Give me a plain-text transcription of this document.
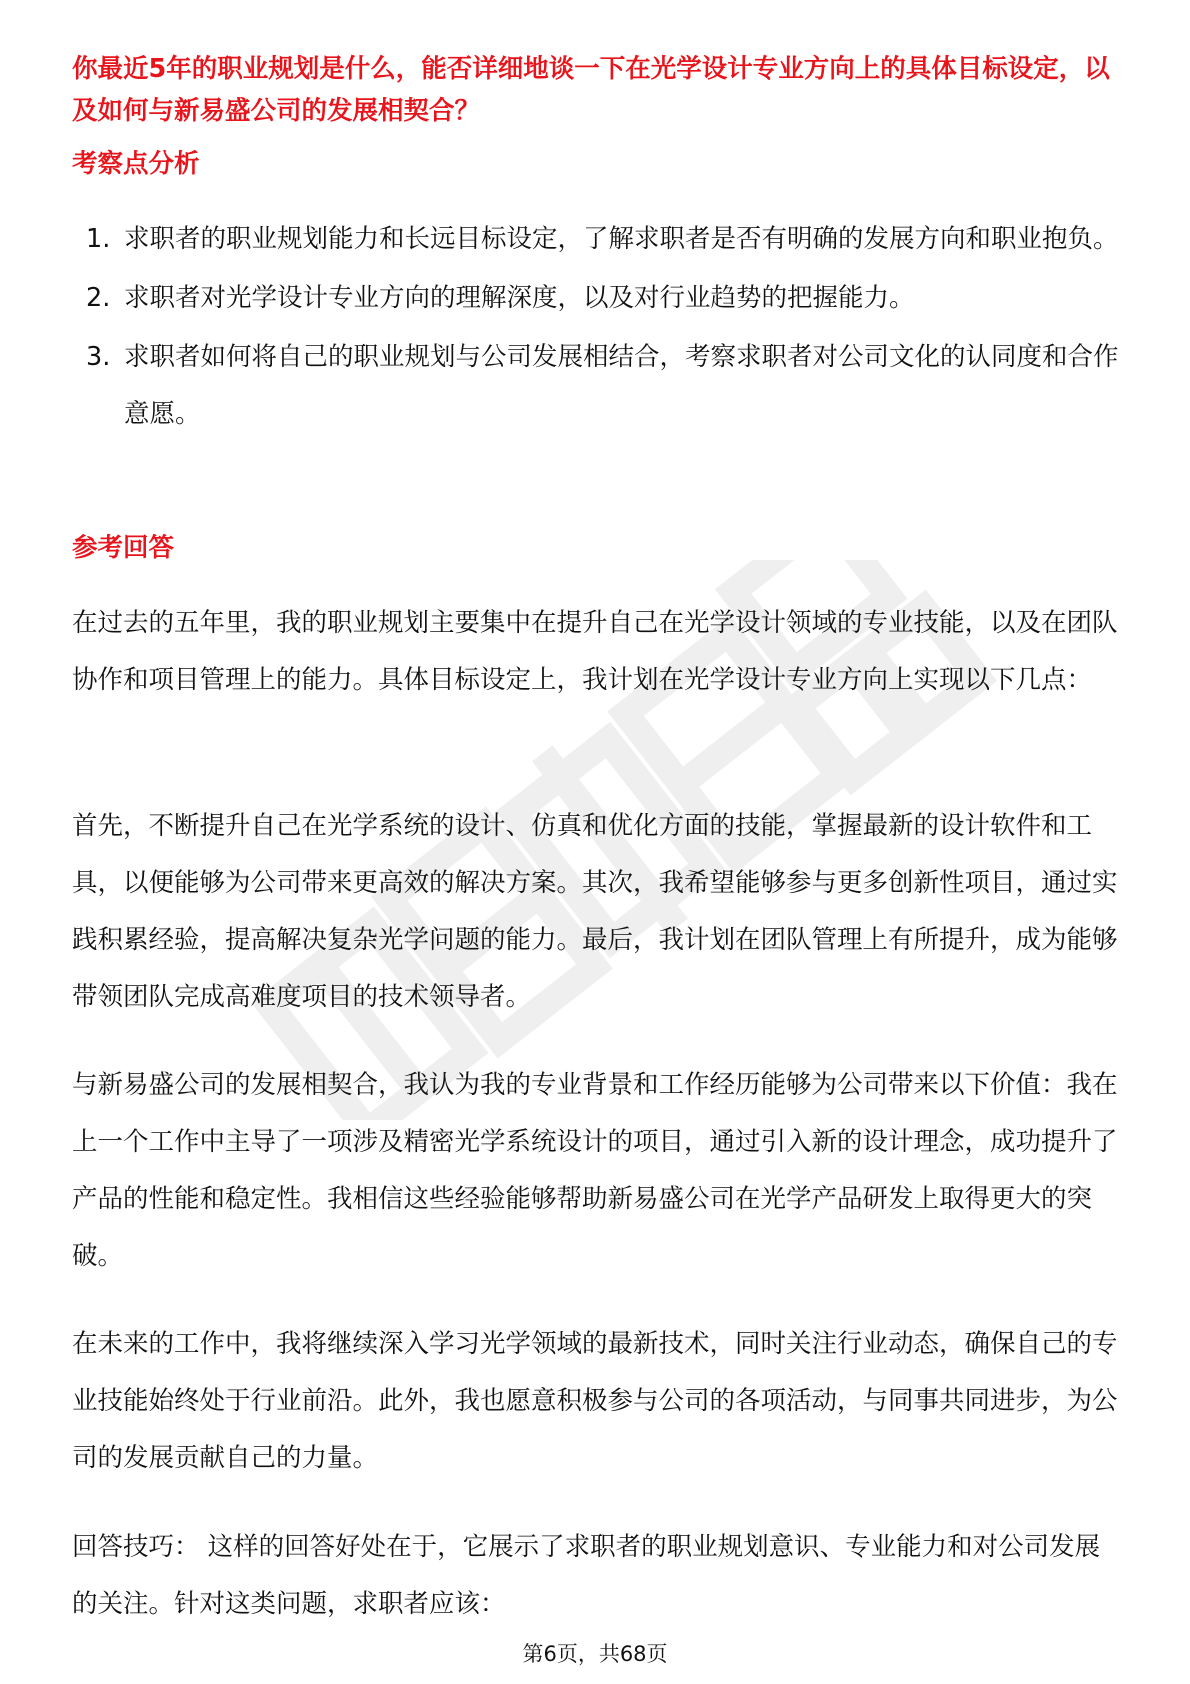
你最近5年的职业规划是什么，能否详细地谈一下在光学设计专业方向上的具体目标设定，以及如何与新易盛公司的发展相契合？

考察点分析
1. 求职者的职业规划能力和长远目标设定，了解求职者是否有明确的发展方向和职业抱负。
2. 求职者对光学设计专业方向的理解深度，以及对行业趋势的把握能力。
3. 求职者如何将自己的职业规划与公司发展相结合，考察求职者对公司文化的认同度和合作意愿。
参考回答

在过去的五年里，我的职业规划主要集中在提升自己在光学设计领域的专业技能，以及在团队协作和项目管理上的能力。具体目标设定上，我计划在光学设计专业方向上实现以下几点：

首先，不断提升自己在光学系统的设计、仿真和优化方面的技能，掌握最新的设计软件和工具，以便能够为公司带来更高效的解决方案。其次，我希望能够参与更多创新性项目，通过实践积累经验，提高解决复杂光学问题的能力。最后，我计划在团队管理上有所提升，成为能够带领团队完成高难度项目的技术领导者。

与新易盛公司的发展相契合，我认为我的专业背景和工作经历能够为公司带来以下价值：我在上一个工作中主导了一项涉及精密光学系统设计的项目，通过引入新的设计理念，成功提升了产品的性能和稳定性。我相信这些经验能够帮助新易盛公司在光学产品研发上取得更大的突破。

在未来的工作中，我将继续深入学习光学领域的最新技术，同时关注行业动态，确保自己的专业技能始终处于行业前沿。此外，我也愿意积极参与公司的各项活动，与同事共同进步，为公司的发展贡献自己的力量。

回答技巧： 这样的回答好处在于，它展示了求职者的职业规划意识、专业能力和对公司发展的关注。针对这类问题，求职者应该：

第6页，共68页
